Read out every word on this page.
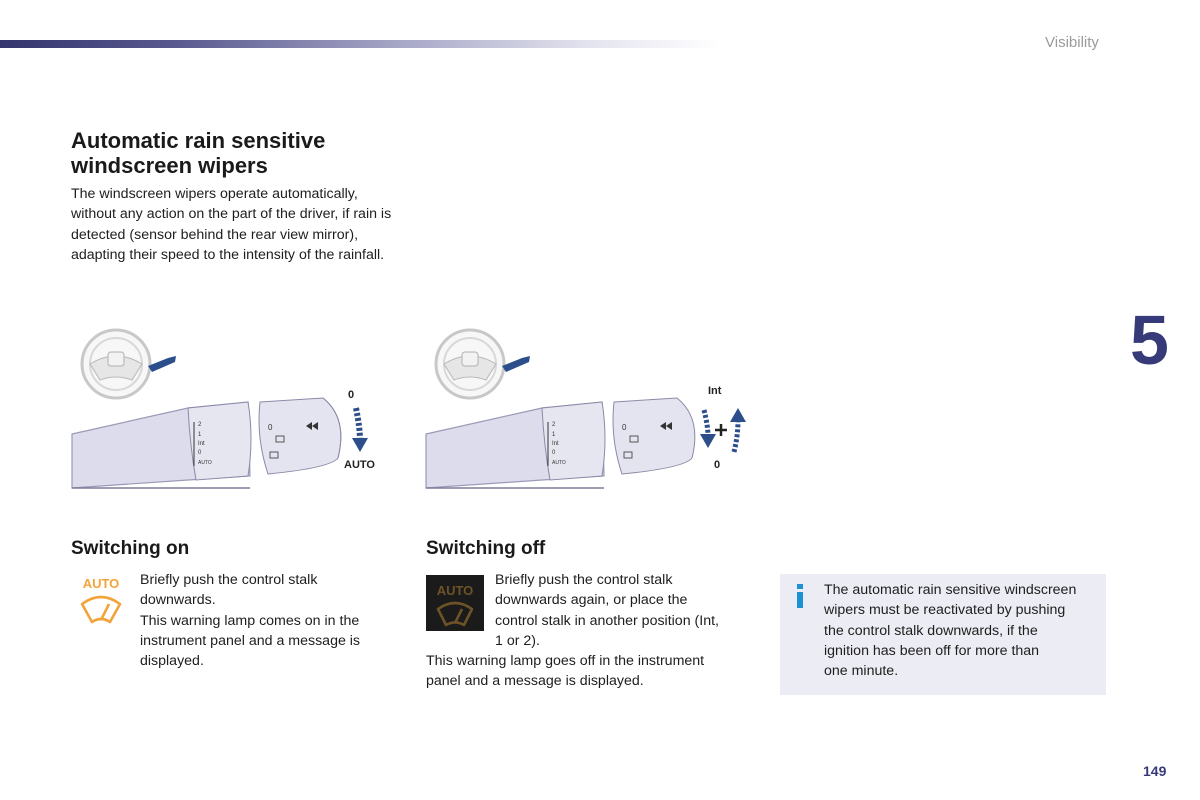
Visibility
5
Automatic rain sensitive windscreen wipers
The windscreen wipers operate automatically, without any action on the part of the driver, if rain is detected (sensor behind the rear view mirror), adapting their speed to the intensity of the rainfall.
2
1
Int
0
AUTO
0
0
AUTO
2
1
Int
0
AUTO
0
Int
0
Switching on
AUTO Briefly push the control stalk
downwards.
This warning lamp comes on in the
instrument panel and a message is
displayed.
Switching off
AUTO
Briefly push the control stalk
downwards again, or place the
control stalk in another position (Int,
1 or 2).
This warning lamp goes off in the instrument
panel and a message is displayed.
The automatic rain sensitive windscreen
wipers must be reactivated by pushing
the control stalk downwards, if the
ignition has been off for more than
one minute.
149
